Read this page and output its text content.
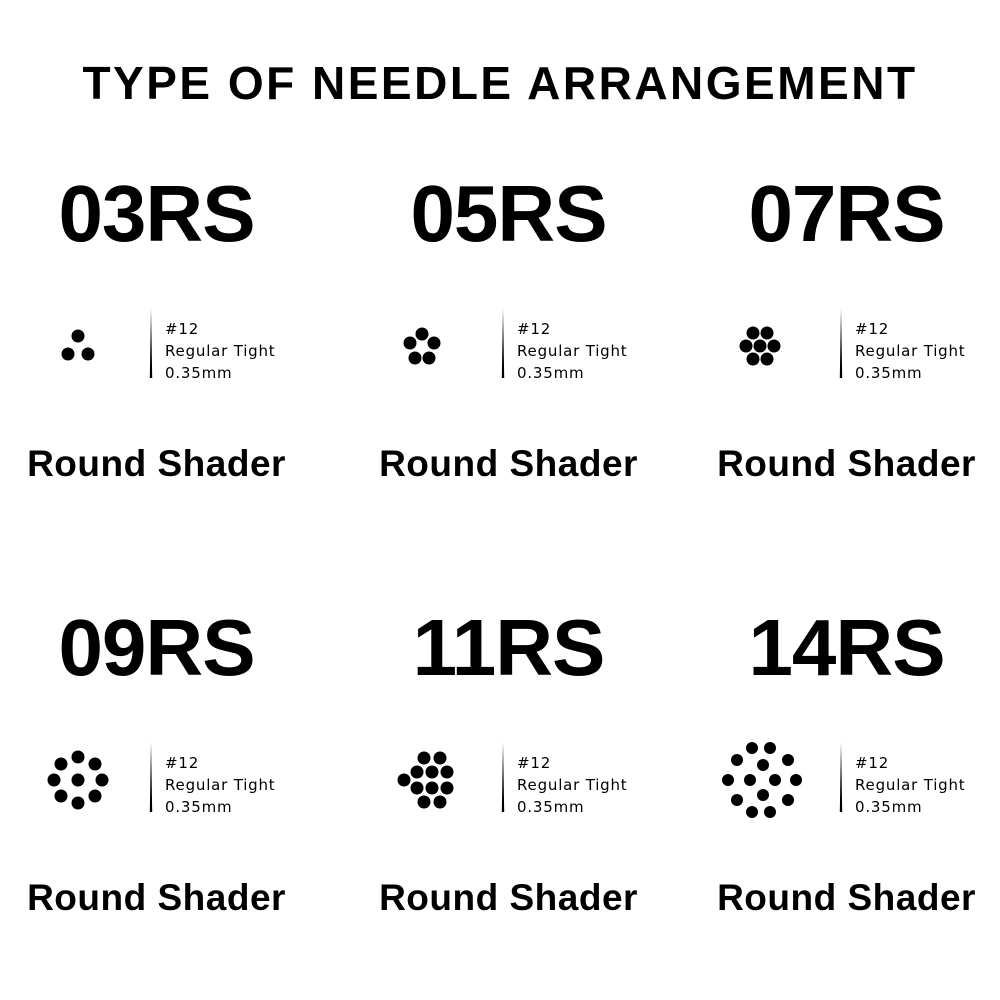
TYPE OF NEEDLE ARRANGEMENT
03RS
#12
Regular Tight
0.35mm
Round Shader
05RS
#12
Regular Tight
0.35mm
Round Shader
07RS
#12
Regular Tight
0.35mm
Round Shader
09RS
#12
Regular Tight
0.35mm
Round Shader
11RS
#12
Regular Tight
0.35mm
Round Shader
14RS
#12
Regular Tight
0.35mm
Round Shader
